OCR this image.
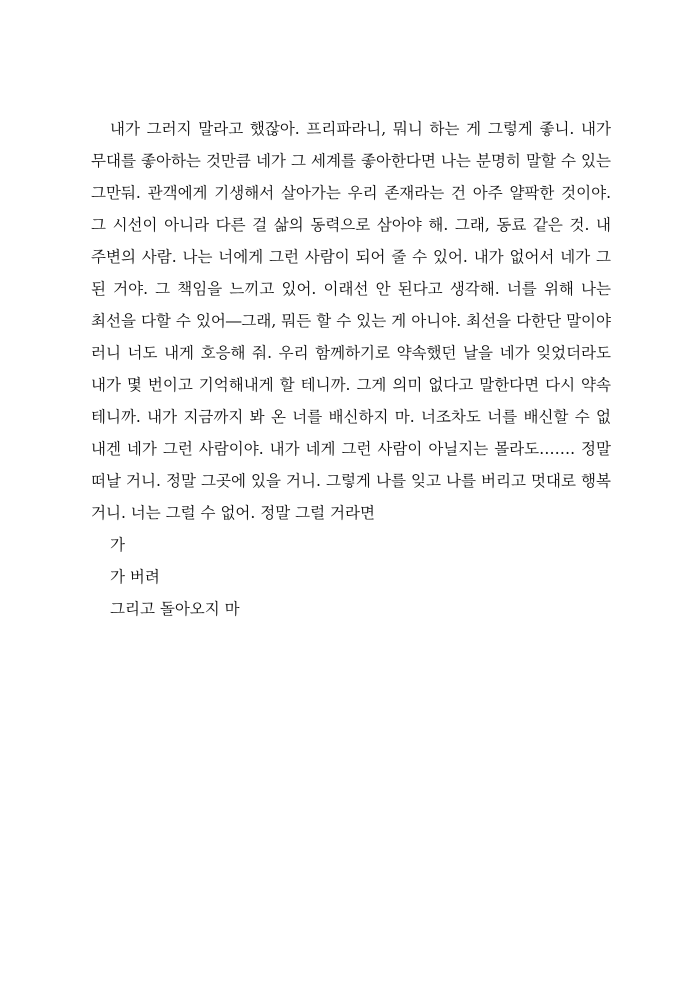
내가 그러지 말라고 했잖아. 프리파라니, 뭐니 하는 게 그렇게 좋니. 내가
무대를 좋아하는 것만큼 네가 그 세계를 좋아한다면 나는 분명히 말할 수 있는
그만둬. 관객에게 기생해서 살아가는 우리 존재라는 건 아주 얄팍한 것이야.
그 시선이 아니라 다른 걸 삶의 동력으로 삼아야 해. 그래, 동료 같은 것. 내
주변의 사람. 나는 너에게 그런 사람이 되어 줄 수 있어. 내가 없어서 네가 그
된 거야. 그 책임을 느끼고 있어. 이래선 안 된다고 생각해. 너를 위해 나는
최선을 다할 수 있어―그래, 뭐든 할 수 있는 게 아니야. 최선을 다한단 말이야
러니 너도 내게 호응해 줘. 우리 함께하기로 약속했던 날을 네가 잊었더라도
내가 몇 번이고 기억해내게 할 테니까. 그게 의미 없다고 말한다면 다시 약속
테니까. 내가 지금까지 봐 온 너를 배신하지 마. 너조차도 너를 배신할 수 없
내겐 네가 그런 사람이야. 내가 네게 그런 사람이 아닐지는 몰라도……. 정말
떠날 거니. 정말 그곳에 있을 거니. 그렇게 나를 잊고 나를 버리고 멋대로 행복
거니. 너는 그럴 수 없어. 정말 그럴 거라면
가
가 버려
그리고 돌아오지 마
